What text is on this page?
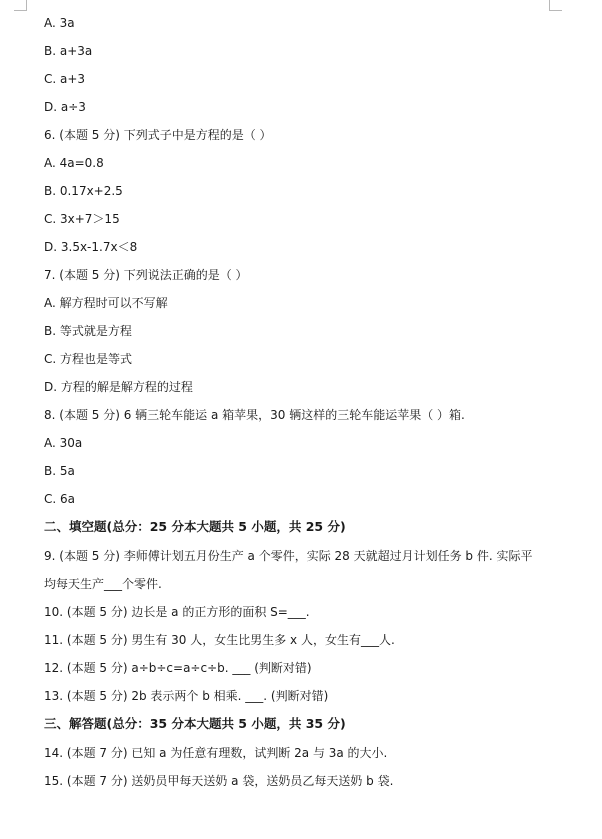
A. 3a
B. a+3a
C. a+3
D. a÷3
6. (本题 5 分) 下列式子中是方程的是（ ）
A. 4a=0.8
B. 0.17x+2.5
C. 3x+7＞15
D. 3.5x-1.7x＜8
7. (本题 5 分) 下列说法正确的是（ ）
A. 解方程时可以不写解
B. 等式就是方程
C. 方程也是等式
D. 方程的解是解方程的过程
8. (本题 5 分) 6 辆三轮车能运 a 箱苹果，30 辆这样的三轮车能运苹果（ ）箱.
A. 30a
B. 5a
C. 6a
二、填空题(总分：25 分本大题共 5 小题，共 25 分)
9. (本题 5 分) 李师傅计划五月份生产 a 个零件，实际 28 天就超过月计划任务 b 件. 实际平
均每天生产___个零件.
10. (本题 5 分) 边长是 a 的正方形的面积 S=___.
11. (本题 5 分) 男生有 30 人，女生比男生多 x 人，女生有___人.
12. (本题 5 分) a÷b÷c=a÷c÷b. ___ (判断对错)
13. (本题 5 分) 2b 表示两个 b 相乘. ___. (判断对错)
三、解答题(总分：35 分本大题共 5 小题，共 35 分)
14. (本题 7 分) 已知 a 为任意有理数，试判断 2a 与 3a 的大小.
15. (本题 7 分) 送奶员甲每天送奶 a 袋，送奶员乙每天送奶 b 袋.
